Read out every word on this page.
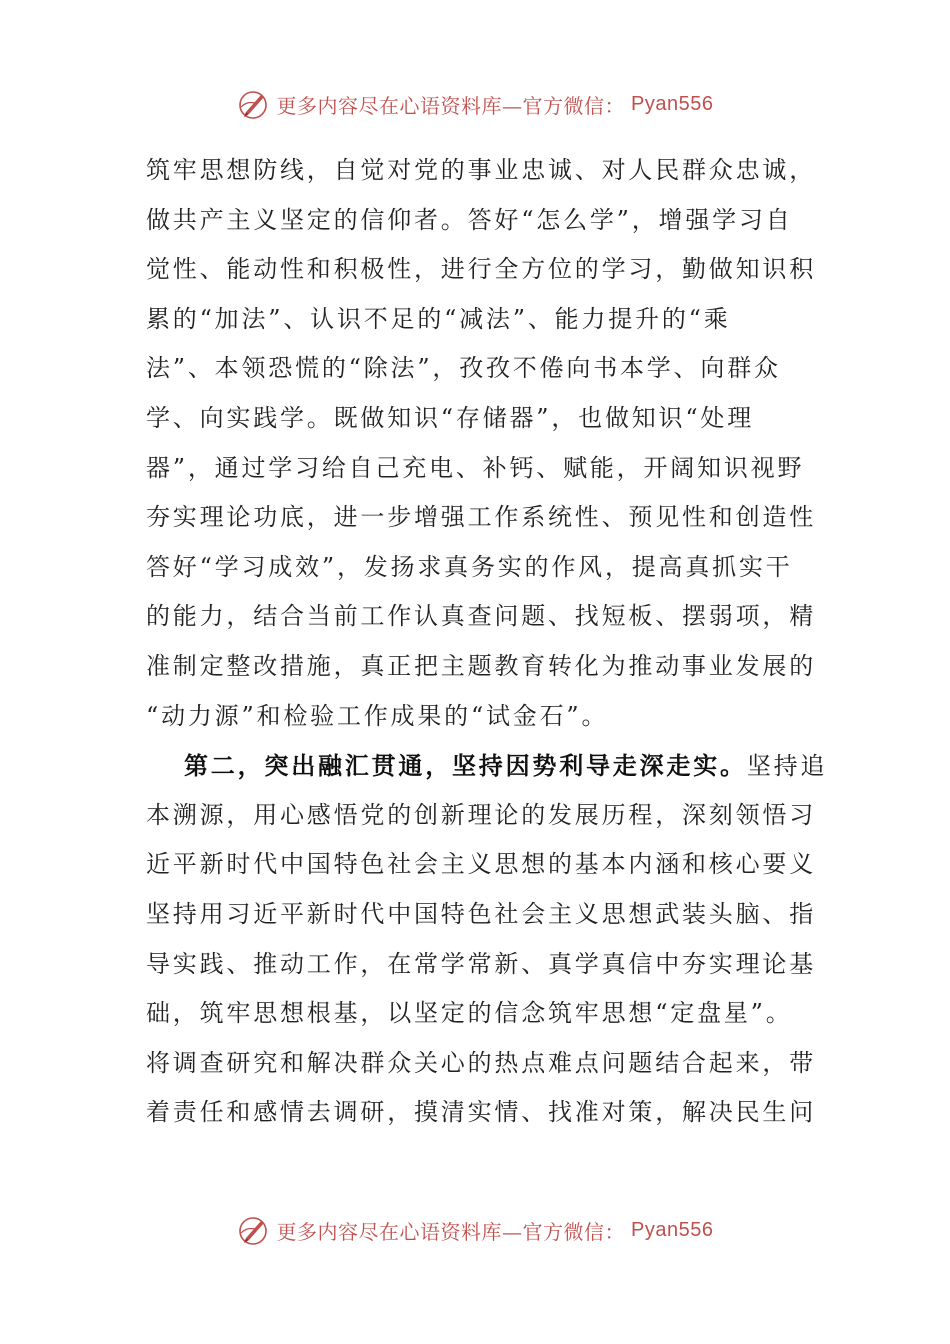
更多内容尽在心语资料库—官方微信： Pyan556
筑牢思想防线，自觉对党的事业忠诚、对人民群众忠诚，
做共产主义坚定的信仰者。答好“怎么学”，增强学习自
觉性、能动性和积极性，进行全方位的学习，勤做知识积
累的“加法”、认识不足的“减法”、能力提升的“乘
法”、本领恐慌的“除法”，孜孜不倦向书本学、向群众
学、向实践学。既做知识“存储器”，也做知识“处理
器”，通过学习给自己充电、补钙、赋能，开阔知识视野
夯实理论功底，进一步增强工作系统性、预见性和创造性
答好“学习成效”，发扬求真务实的作风，提高真抓实干
的能力，结合当前工作认真查问题、找短板、摆弱项，精
准制定整改措施，真正把主题教育转化为推动事业发展的
“动力源”和检验工作成果的“试金石”。
第二，突出融汇贯通，坚持因势利导走深走实。坚持追
本溯源，用心感悟党的创新理论的发展历程，深刻领悟习
近平新时代中国特色社会主义思想的基本内涵和核心要义
坚持用习近平新时代中国特色社会主义思想武装头脑、指
导实践、推动工作，在常学常新、真学真信中夯实理论基
础，筑牢思想根基，以坚定的信念筑牢思想“定盘星”。
将调查研究和解决群众关心的热点难点问题结合起来，带
着责任和感情去调研，摸清实情、找准对策，解决民生问
更多内容尽在心语资料库—官方微信： Pyan556
